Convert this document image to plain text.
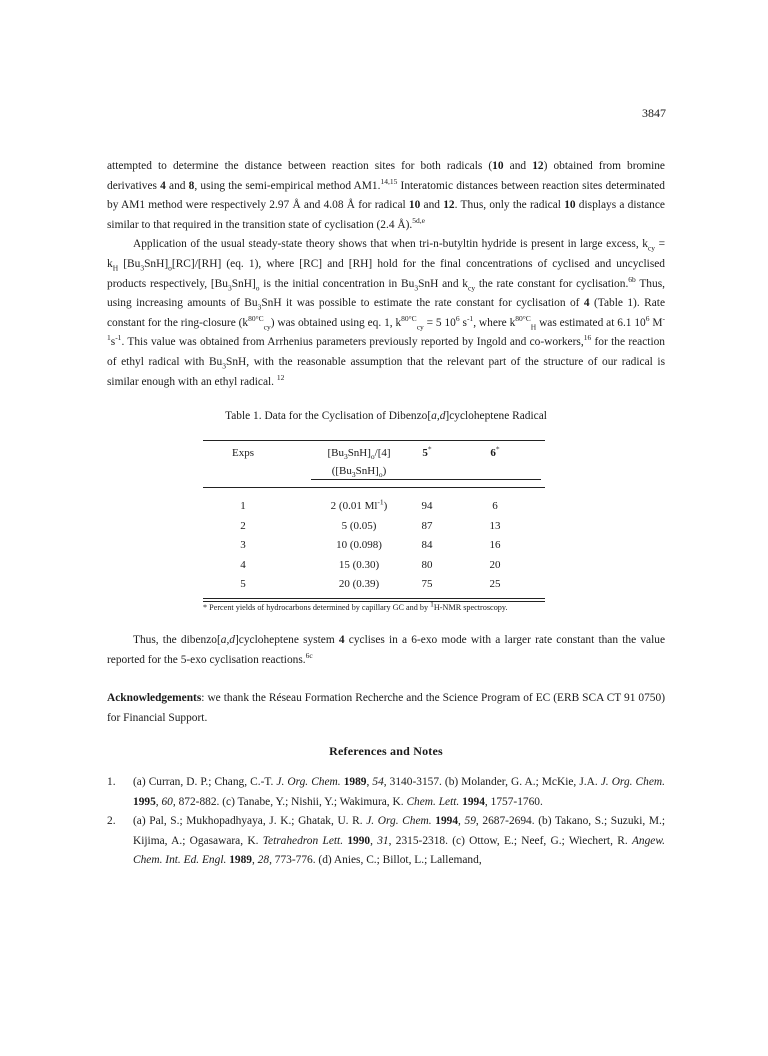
3847

attempted to determine the distance between reaction sites for both radicals (10 and 12) obtained from bromine derivatives 4 and 8, using the semi-empirical method AM1.$^{14,15}$ Interatomic distances between reaction sites determinated by AM1 method were respectively 2.97 Å and 4.08 Å for radical 10 and 12. Thus, only the radical 10 displays a distance similar to that required in the transition state of cyclisation (2.4 Å).$^{5d,e}$

Application of the usual steady-state theory shows that when tri-n-butyltin hydride is present in large excess, $k_{cy} = k_H$ $[Bu_3SnH]_o[RC]/[RH]$ (eq. 1), where [RC] and [RH] hold for the final concentrations of cyclised and uncyclised products respectively, $[Bu_3SnH]_o$ is the initial concentration in $Bu_3SnH$ and $k_{cy}$ the rate constant for cyclisation.$^{6b}$ Thus, using increasing amounts of $Bu_3SnH$ it was possible to estimate the rate constant for cyclisation of 4 (Table 1). Rate constant for the ring-closure $(k^{80^\circ C}_{cy})$ was obtained using eq. 1, $k^{80^\circ C}_{cy} = 5$ $10^6$ $s^{-1}$, where $k^{80^\circ C}_H$ was estimated at 6.1 $10^6$ $M^{-1}s^{-1}$. This value was obtained from Arrhenius parameters previously reported by Ingold and co-workers,$^{16}$ for the reaction of ethyl radical with $Bu_3SnH$, with the reasonable assumption that the relevant part of the structure of our radical is similar enough with an ethyl radical. $^{12}$

Table 1. Data for the Cyclisation of Dibenzo[a,d]cycloheptene Radical
Exps	$[Bu_3SnH]_o/[4]$	5*	6*
$([Bu_3SnH]_o)$
1	2 (0.01 $Ml^{-1}$)	94	6
2	5 (0.05)	87	13
3	10 (0.098)	84	16
4	15 (0.30)	80	20
5	20 (0.39)	75	25
* Percent yields of hydrocarbons determined by capillary GC and by $^1$H-NMR spectroscopy.

Thus, the dibenzo[a,d]cycloheptene system 4 cyclises in a 6-exo mode with a larger rate constant than the value reported for the 5-exo cyclisation reactions.$^{6c}$

Acknowledgements: we thank the Réseau Formation Recherche and the Science Program of EC (ERB SCA CT 91 0750) for Financial Support.

References and Notes
1. (a) Curran, D. P.; Chang, C.-T. J. Org. Chem. 1989, 54, 3140-3157. (b) Molander, G. A.; McKie, J.A. J. Org. Chem. 1995, 60, 872-882. (c) Tanabe, Y.; Nishii, Y.; Wakimura, K. Chem. Lett. 1994, 1757-1760.
2. (a) Pal, S.; Mukhopadhyaya, J. K.; Ghatak, U. R. J. Org. Chem. 1994, 59, 2687-2694. (b) Takano, S.; Suzuki, M.; Kijima, A.; Ogasawara, K. Tetrahedron Lett. 1990, 31, 2315-2318. (c) Ottow, E.; Neef, G.; Wiechert, R. Angew. Chem. Int. Ed. Engl. 1989, 28, 773-776. (d) Anies, C.; Billot, L.; Lallemand,
